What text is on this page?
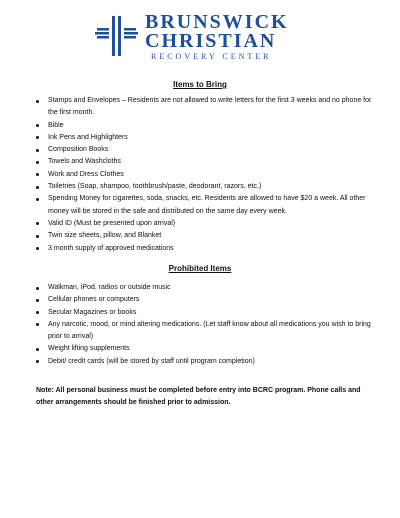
BRUNSWICK
CHRISTIAN
RECOVERY CENTER
Items to Bring
Stamps and Envelopes – Residents are not allowed to write letters for the first 3 weeks and no phone for the first month.
Bible
Ink Pens and Highlighters
Composition Books
Towels and Washcloths
Work and Dress Clothes
Toiletries (Soap, shampoo, toothbrush/paste, deodorant, razors, etc.)
Spending Money for cigarettes, soda, snacks, etc. Residents are allowed to have $20 a week. All other money will be stored in the safe and distributed on the same day every week.
Valid ID (Must be presented upon arrival)
Twin size sheets, pillow, and Blanket
3 month supply of approved medications
Prohibited Items
Walkman, iPod, radios or outside music
Cellular phones or computers
Secular Magazines or books
Any narcotic, mood, or mind altering medications. (Let staff know about all medications you wish to bring prior to arrival)
Weight lifting supplements
Debit/ credit cards (will be stored by staff until program completion)
Note: All personal business must be completed before entry into BCRC program. Phone calls and other arrangements should be finished prior to admission.
